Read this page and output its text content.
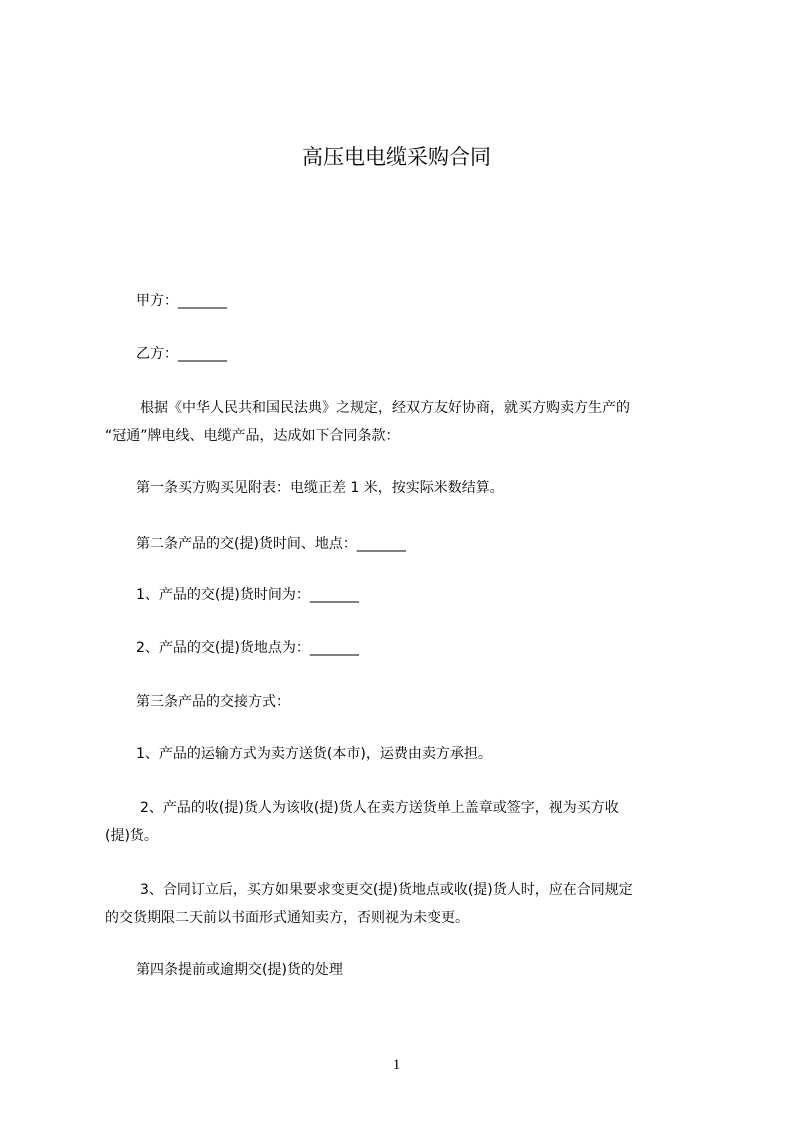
高压电电缆采购合同
甲方：_______
乙方：_______
根据《中华人民共和国民法典》之规定，经双方友好协商，就买方购卖方生产的
“冠通”牌电线、电缆产品，达成如下合同条款：
第一条买方购买见附表：电缆正差 1 米，按实际米数结算。
第二条产品的交(提)货时间、地点：_______
1、产品的交(提)货时间为：_______
2、产品的交(提)货地点为：_______
第三条产品的交接方式：
1、产品的运输方式为卖方送货(本市)，运费由卖方承担。
2、产品的收(提)货人为该收(提)货人在卖方送货单上盖章或签字，视为买方收
(提)货。
3、合同订立后，买方如果要求变更交(提)货地点或收(提)货人时，应在合同规定
的交货期限二天前以书面形式通知卖方，否则视为未变更。
第四条提前或逾期交(提)货的处理
1
